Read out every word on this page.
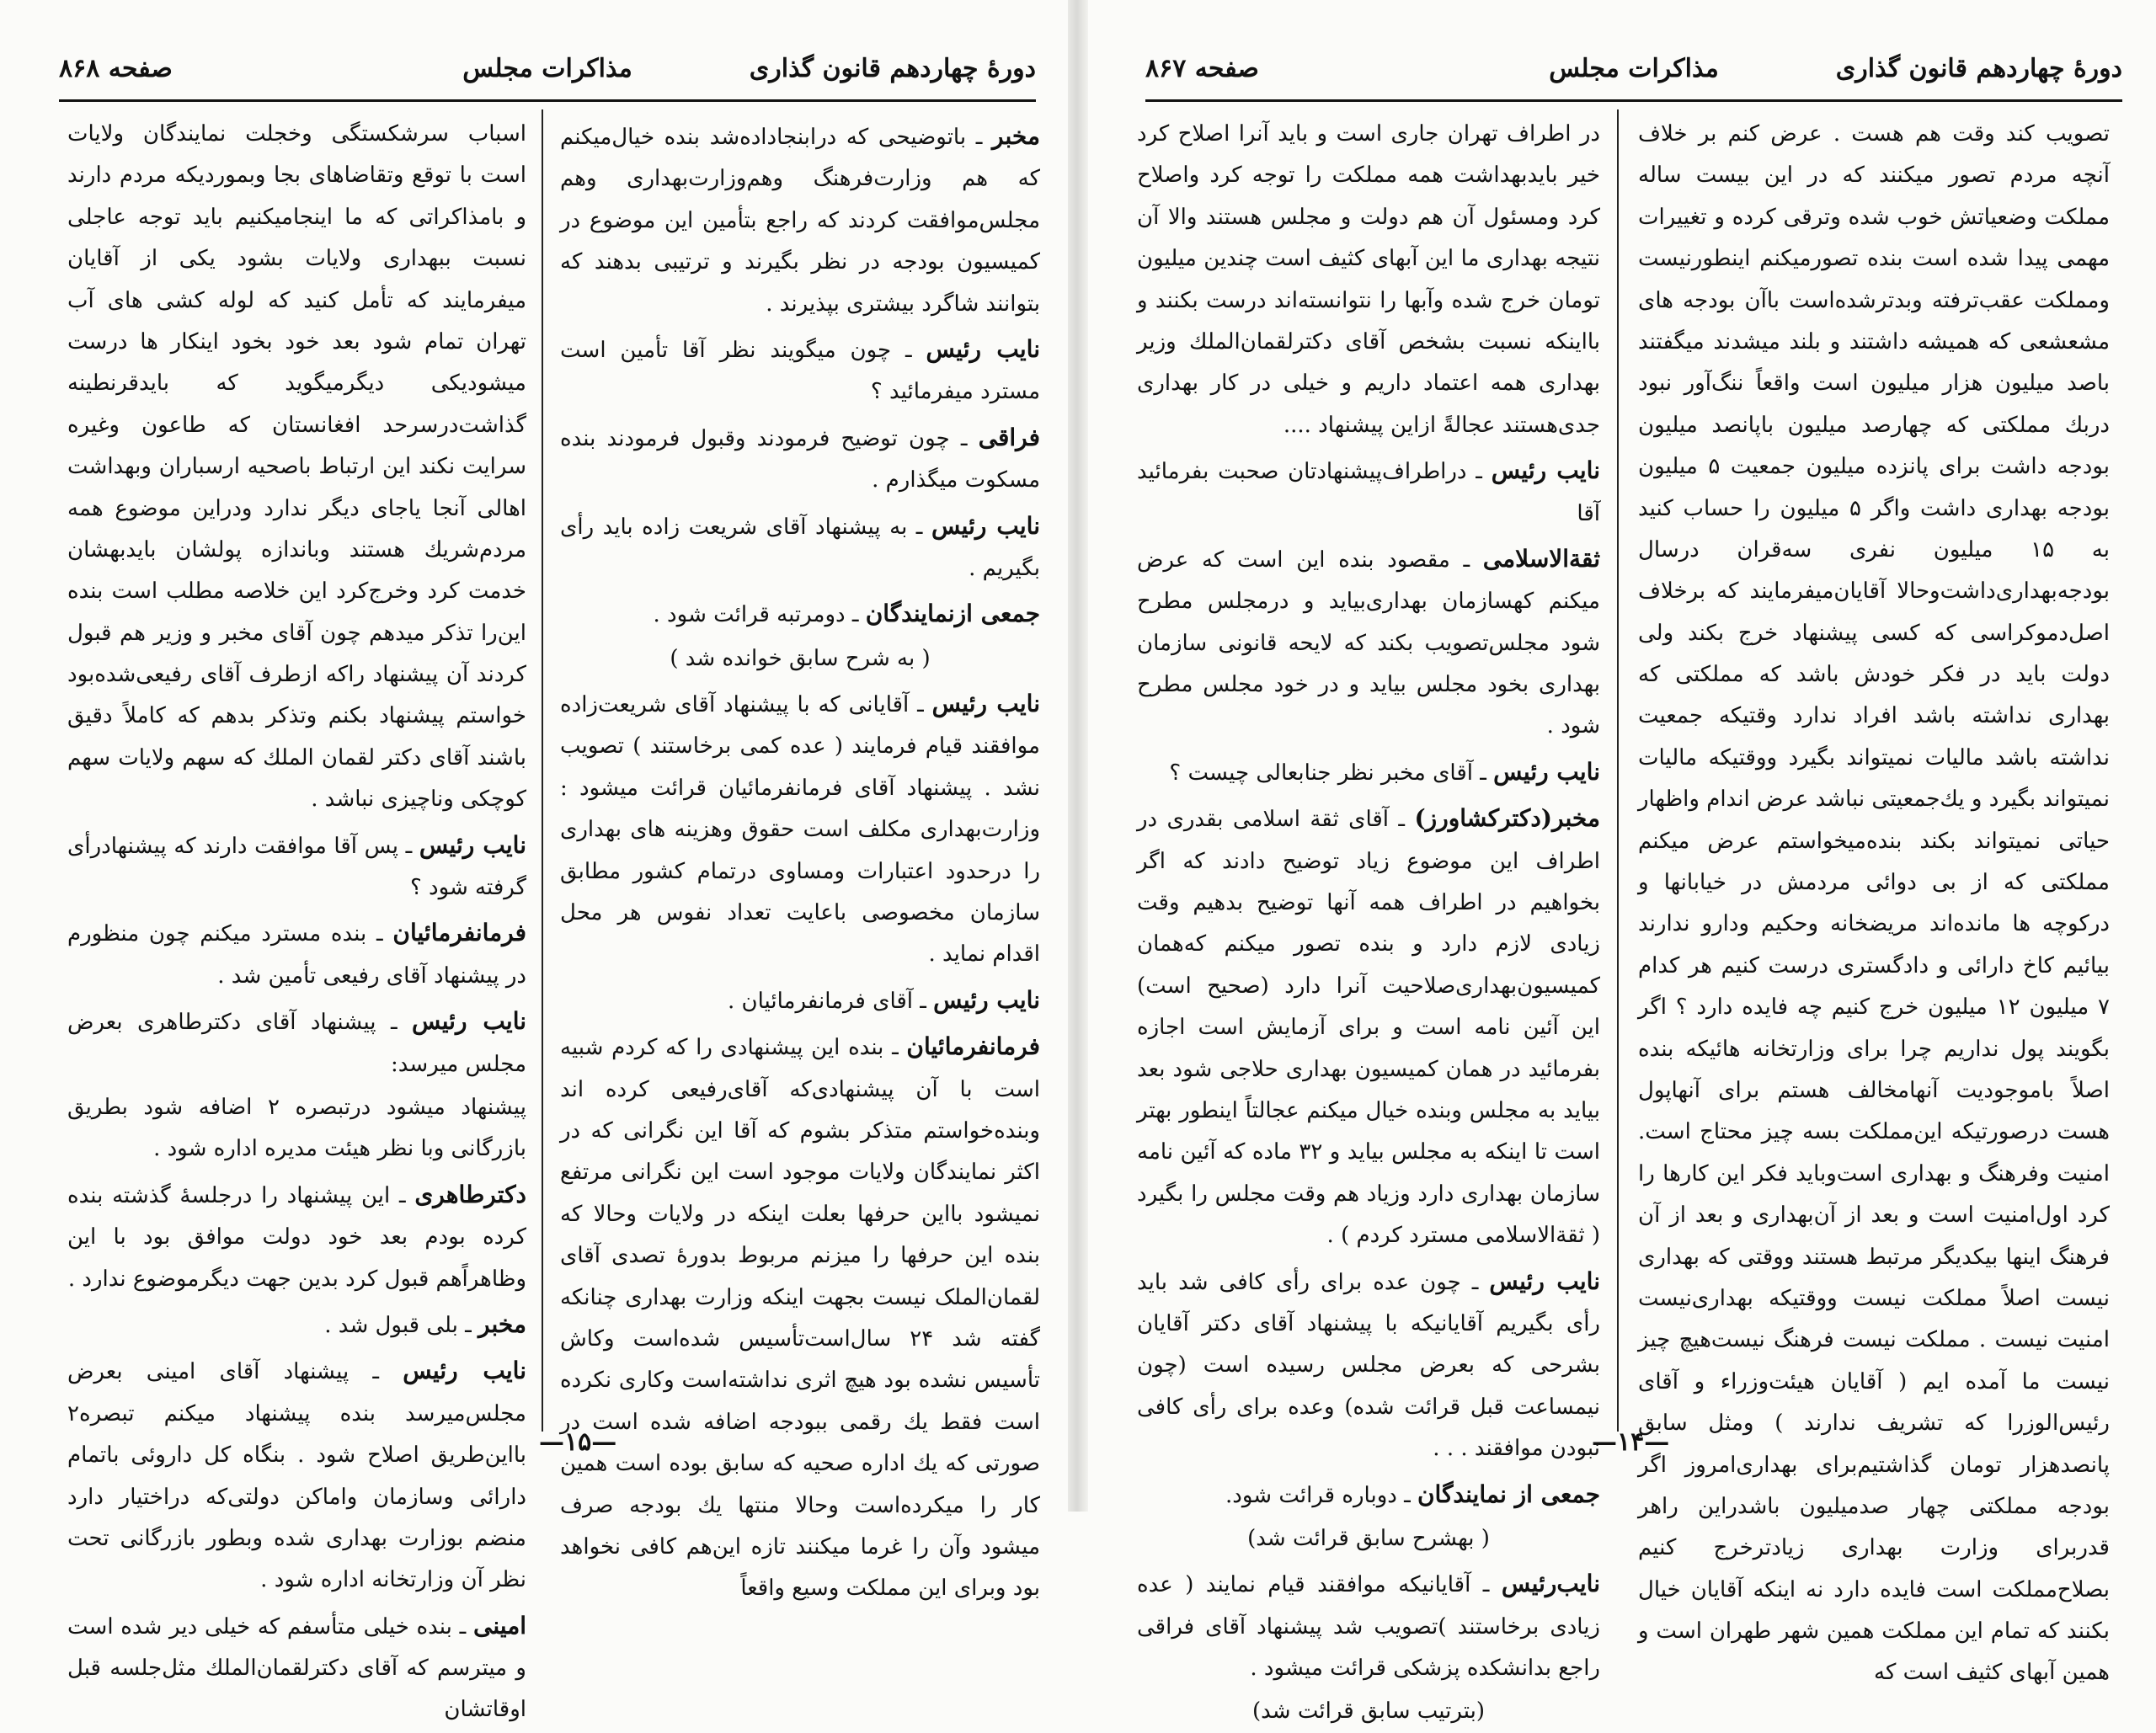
دورهٔ چهاردهم قانون گذاری
مذاکرات مجلس
صفحه ۸۶۸

مخبر ـ باتوضیحی که درابنجاداده‌شد بنده خیال‌میکنم که هم وزارت‌فرهنگ وهم‌وزارت‌بهداری وهم مجلس‌موافقت کردند که راجع بتأمین این موضوع در کمیسیون بودجه در نظر بگیرند و ترتیبی بدهند که بتوانند شاگرد بیشتری بپذیرند .

نایب رئیس ـ چون میگویند نظر آقا تأمین است مسترد میفرمائید ؟

فراقی ـ چون توضیح فرمودند وقبول فرمودند بنده مسکوت میگذارم .

نایب رئیس ـ به پیشنهاد آقای شریعت زاده باید رأی بگیریم .

جمعی ازنمایندگان ـ دومرتبه قرائت شود .

( به شرح سابق خوانده شد )

نایب رئیس ـ آقایانی که با پیشنهاد آقای شریعت‌زاده موافقند قیام فرمایند ( عده کمی برخاستند ) تصویب نشد . پیشنهاد آقای فرمانفرمائیان قرائت میشود : وزارت‌بهداری مکلف است حقوق وهزینه های بهداری را درحدود اعتبارات ومساوی درتمام کشور مطابق سازمان مخصوصی باعایت تعداد نفوس هر محل اقدام نماید .

نایب رئیس ـ آقای فرمانفرمائیان .

فرمانفرمائیان ـ بنده این پیشنهادی را که کردم شبیه است با آن پیشنهادی‌که آقای‌رفیعی کرده اند وبنده‌خواستم متذکر بشوم که آقا این نگرانی که در اکثر نمایندگان ولایات موجود است این نگرانی مرتفع نمیشود بااین حرفها بعلت اینکه در ولایات وحالا که بنده این حرفها را میزنم مربوط بدورهٔ تصدی آقای لقمان‌الملک نیست بجهت اینکه وزارت بهداری چنانکه گفته شد ۲۴ سال‌است‌تأسیس شده‌است وکاش تأسیس نشده بود هیچ اثری نداشته‌است وکاری نکرده است فقط یك رقمی ببودجه اضافه شده است در صورتی که یك اداره صحیه که سابق بوده است همین کار را میکرده‌است وحالا منتها یك بودجه صرف میشود وآن را غرما میکنند تازه این‌هم کافی نخواهد بود وبرای این مملکت وسیع واقعاً

اسباب سرشکستگی وخجلت نمایندگان ولایات است با توقع وتقاضاهای بجا وبموردیکه مردم دارند و بامذاکراتی که ما اینجامیکنیم باید توجه عاجلی نسبت ببهداری ولایات بشود یکی از آقایان میفرمایند که تأمل کنید که لوله کشی های آب تهران تمام شود بعد خود بخود اینکار ها درست میشود‌یکی دیگرمیگوید که بایدقرنطینه گذاشت‌درسرحد افغانستان که طاعون وغیره سرایت نکند این ارتباط باصحیه ارسباران وبهداشت اهالی آنجا یاجای دیگر ندارد ودراین موضوع همه مردم‌شریك هستند وباندازه پولشان بایدبهشان خدمت کرد وخرج‌کرد این خلاصه مطلب است بنده این‌را تذکر میدهم چون آقای مخبر و وزیر هم قبول کردند آن پیشنهاد راکه ازطرف آقای رفیعی‌شده‌بود خواستم پیشنهاد بکنم وتذکر بدهم که کاملاً دقیق باشند آقای دکتر لقمان الملك که سهم ولایات سهم کوچکی وناچیزی نباشد .

نایب رئیس ـ پس آقا موافقت دارند که پیشنهادرأی گرفته شود ؟

فرمانفرمائیان ـ بنده مسترد میکنم چون منظورم در پیشنهاد آقای رفیعی تأمین شد .

نایب رئیس ـ پیشنهاد آقای دکترطاهری بعرض مجلس میرسد:

پیشنهاد میشود درتبصره ۲ اضافه شود بطریق بازرگانی وبا نظر هیئت مدیره اداره شود .

دکترطاهری ـ این پیشنهاد را درجلسهٔ گذشته بنده کرده بودم بعد خود دولت موافق بود با این وظاهراًهم قبول کرد بدین جهت دیگرموضوع ندارد .

مخبر ـ بلی قبول شد .

نایب رئیس ـ پیشنهاد آقای امینی بعرض مجلس‌میرسد بنده پیشنهاد میکنم تبصره۲ بااین‌طریق اصلاح شود . بنگاه کل داروئی باتمام دارائی وسازمان واماکن دولتی‌که دراختیار دارد منضم بوزارت بهداری شده وبطور بازرگانی تحت نظر آن وزارتخانه اداره شود .

امینی ـ بنده خیلی متأسفم که خیلی دیر شده است و میترسم که آقای دکترلقمان‌الملك مثل‌جلسه قبل اوقاتشان

—۱۵—
دورهٔ چهاردهم قانون گذاری
مذاکرات مجلس
صفحه ۸۶۷

تصویب کند وقت هم هست . عرض کنم بر خلاف آنچه مردم تصور میکنند که در این بیست ساله مملکت وضعیاتش خوب شده وترقی کرده و تغییرات مهمی پیدا شده است بنده تصورمیکنم اینطورنیست ومملکت عقب‌ترفته وبدترشده‌است باآن بودجه های مشعشعی که همیشه داشتند و بلند میشدند میگفتند باصد میلیون هزار میلیون است واقعاً ننگ‌آور نبود دربك مملکتی که چهارصد میلیون باپانصد میلیون بودجه داشت برای پانزده میلیون جمعیت ۵ میلیون بودجه بهداری داشت واگر ۵ میلیون را حساب کنید به ۱۵ میلیون نفری سه‌قران درسال بودجه‌بهداری‌داشت‌وحالا آقایان‌میفرمایند که برخلاف اصل‌دموکراسی که کسی پیشنهاد خرج بکند ولی دولت باید در فکر خودش باشد که مملکتی که بهداری نداشته باشد افراد ندارد وقتیکه جمعیت نداشته باشد مالیات نمیتواند بگیرد ووقتیکه مالیات نمیتواند بگیرد و یك‌جمعیتی نباشد عرض اندام واظهار حیاتی نمیتواند بکند بنده‌میخواستم عرض میکنم مملکتی که از بی دوائی مردمش در خیابانها و درکوچه ها مانده‌اند مریضخانه وحکیم ودارو ندارند بیائیم کاخ دارائی و دادگستری درست کنیم هر کدام ۷ میلیون ۱۲ میلیون خرج کنیم چه فایده دارد ؟ اگر بگویند پول نداریم چرا برای وزارتخانه هائیکه بنده اصلاً باموجودیت آنهامخالف هستم برای آنهاپول هست درصورتیکه این‌مملکت بسه چیز محتاج است. امنیت وفرهنگ و بهداری است‌وباید فکر این کارها را کرد اول‌امنیت است و بعد از آن‌بهداری و بعد از آن فرهنگ اینها بیکدیگر مرتبط هستند ووقتی که بهداری نیست اصلاً مملکت نیست ووقتیکه بهداری‌نیست امنیت نیست . مملکت نیست فرهنگ نیست‌هیچ چیز نیست ما آمده ایم ( آقایان هیئت‌وزراء و آقای رئیس‌الوزرا که تشریف ندارند ) ومثل سابق پانصدهزار تومان گذاشتیم‌برای بهداری‌امروز اگر بودجه مملکتی چهار صدمیلیون باشدراین راهر قدربرای وزارت بهداری زیادترخرج کنیم بصلاح‌مملکت است فایده دارد نه اینکه آقایان خیال بکنند که تمام این مملکت همین شهر طهران است و همین آبهای کثیف است که

در اطراف تهران جاری است و باید آنرا اصلاح کرد خیر باید‌بهداشت همه مملکت را توجه کرد واصلاح کرد ومسئول آن هم دولت و مجلس هستند والا آن نتیجه بهداری ما این آبهای کثیف است چندین میلیون تومان خرج شده وآبها را نتوانسته‌اند درست بکنند و بااینکه نسبت بشخص آقای دکترلقمان‌الملك وزیر بهداری همه اعتماد داریم و خیلی در کار بهداری جدی‌هستند عجالةً ازاین پیشنهاد ....

نایب رئیس ـ دراطراف‌پیشنهادتان صحبت بفرمائید آقا

ثقةالاسلامی ـ مقصود بنده این است که عرض میکنم کهسازمان بهداری‌بیاید و درمجلس مطرح شود مجلس‌تصویب بکند که لایحه قانونی سازمان بهداری بخود مجلس بیاید و در خود مجلس مطرح شود .

نایب رئیس ـ آقای مخبر نظر جنابعالی چیست ؟

مخبر(دکتر‌کشاورز) ـ آقای ثقة اسلامی بقدری در اطراف این موضوع زیاد توضیح دادند که اگر بخواهیم در اطراف همه آنها توضیح بدهیم وقت زیادی لازم دارد و بنده تصور میکنم که‌همان کمیسیون‌بهداری‌صلاحیت آنرا دارد (صحیح است) این آئین نامه است و برای آزمایش است اجازه بفرمائید در همان کمیسیون بهداری حلاجی شود بعد بیاید به مجلس وبنده خیال میکنم عجالتاً اینطور بهتر است تا اینکه به مجلس بیاید و ۳۲ ماده که آئین نامه سازمان بهداری دارد وزیاد هم وقت مجلس را بگیرد ( ثقةالاسلامی مسترد کردم ) .

نایب رئیس ـ چون عده برای رأی کافی شد باید رأی بگیریم آقایانیکه با پیشنهاد آقای دکتر آقایان بشرحی که بعرض مجلس رسیده است (چون نیمساعت قبل قرائت شده) وعده برای رأی کافی نبودن موافقند . . .

جمعی از نمایندگان ـ دوباره قرائت شود.

( بهشرح سابق قرائت شد)

نایب‌رئیس ـ آقایانیکه موافقند قیام نمایند ( عده زیادی برخاستند )تصویب شد پیشنهاد آقای فراقی راجع بدانشکده پزشکی قرائت میشود .

(بترتیب سابق قرائت شد)

—۱۴—
